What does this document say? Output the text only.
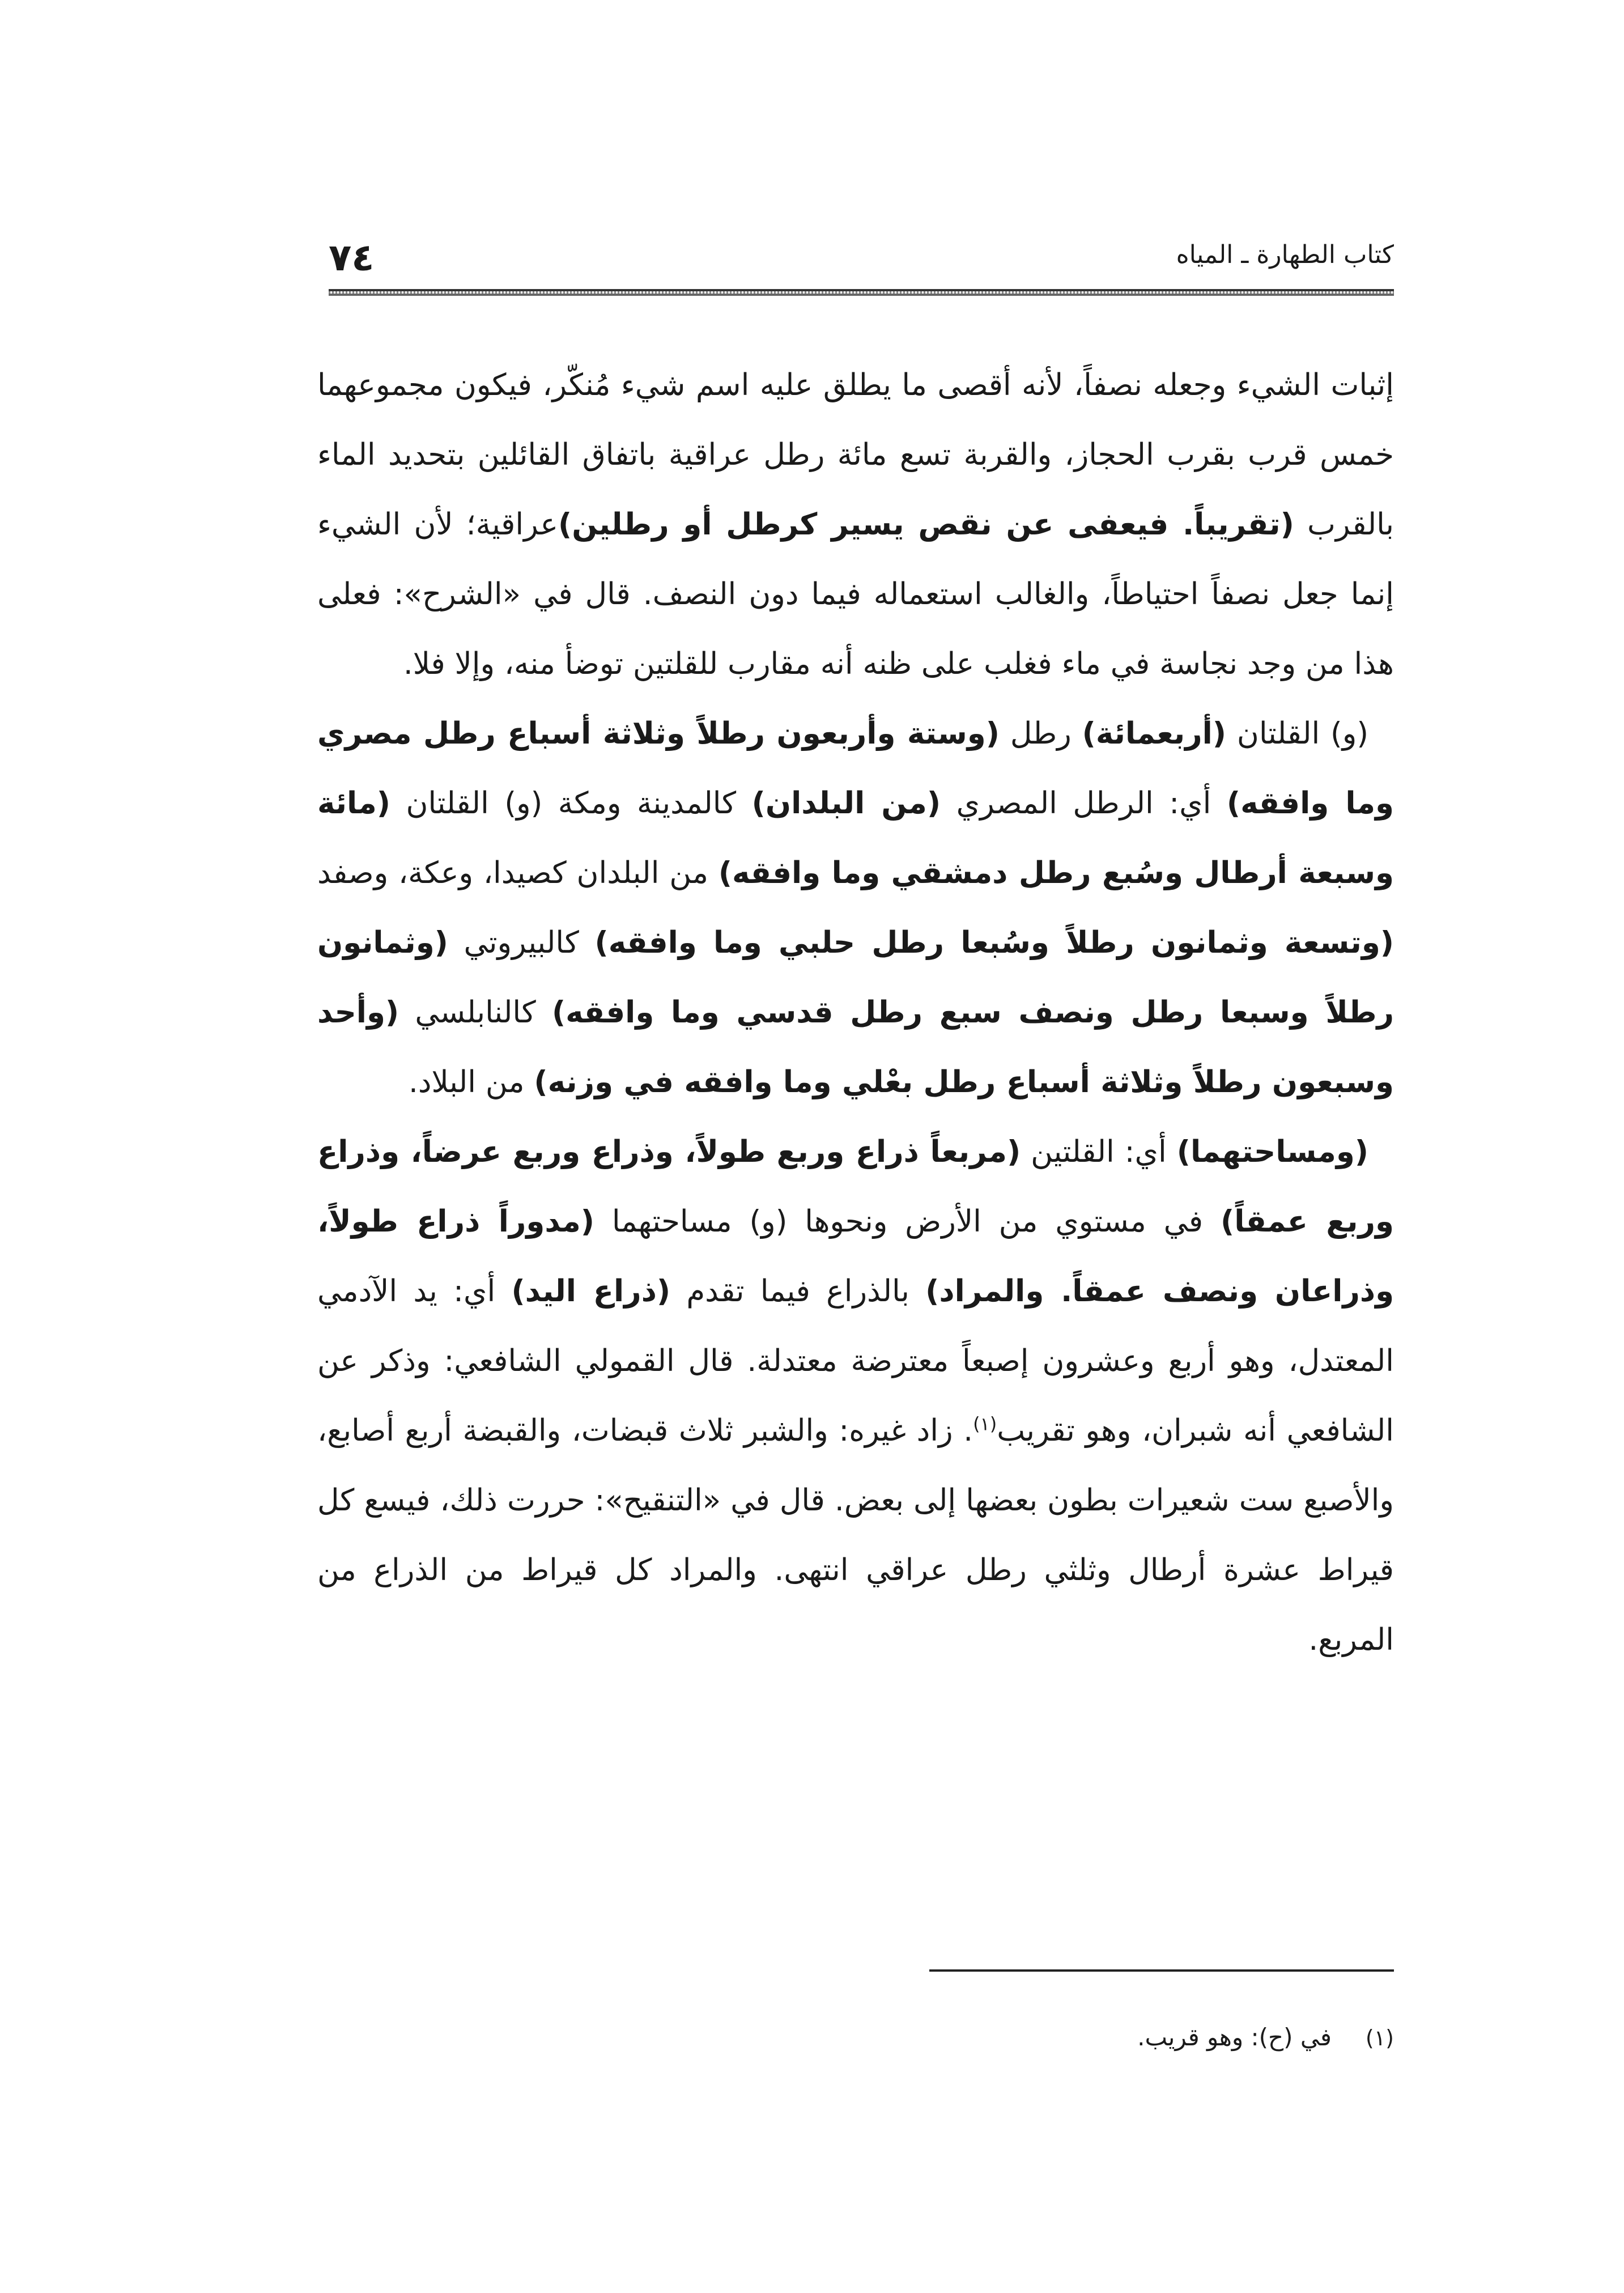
كتاب الطهارة ـ المياه
٧٤

إثبات الشيء وجعله نصفاً، لأنه أقصى ما يطلق عليه اسم شيء مُنكّر، فيكون مجموعهما خمس قرب بقرب الحجاز، والقربة تسع مائة رطل عراقية باتفاق القائلين بتحديد الماء بالقرب (تقريباً. فيعفى عن نقص يسير كرطل أو رطلين)عراقية؛ لأن الشيء إنما جعل نصفاً احتياطاً، والغالب استعماله فيما دون النصف. قال في «الشرح»: فعلى هذا من وجد نجاسة في ماء فغلب على ظنه أنه مقارب للقلتين توضأ منه، وإلا فلا.

(و) القلتان (أربعمائة) رطل (وستة وأربعون رطلاً وثلاثة أسباع رطل مصري وما وافقه) أي: الرطل المصري (من البلدان) كالمدينة ومكة (و) القلتان (مائة وسبعة أرطال وسُبع رطل دمشقي وما وافقه) من البلدان كصيدا، وعكة، وصفد (وتسعة وثمانون رطلاً وسُبعا رطل حلبي وما وافقه) كالبيروتي (وثمانون رطلاً وسبعا رطل ونصف سبع رطل قدسي وما وافقه) كالنابلسي (وأحد وسبعون رطلاً وثلاثة أسباع رطل بعْلي وما وافقه في وزنه) من البلاد.

(ومساحتهما) أي: القلتين (مربعاً ذراع وربع طولاً، وذراع وربع عرضاً، وذراع وربع عمقاً) في مستوي من الأرض ونحوها (و) مساحتهما (مدوراً ذراع طولاً، وذراعان ونصف عمقاً. والمراد) بالذراع فيما تقدم (ذراع اليد) أي: يد الآدمي المعتدل، وهو أربع وعشرون إصبعاً معترضة معتدلة. قال القمولي الشافعي: وذكر عن الشافعي أنه شبران، وهو تقريب$^{(١)}$. زاد غيره: والشبر ثلاث قبضات، والقبضة أربع أصابع، والأصبع ست شعيرات بطون بعضها إلى بعض. قال في «التنقيح»: حررت ذلك، فيسع كل قيراط عشرة أرطال وثلثي رطل عراقي انتهى. والمراد كل قيراط من الذراع من المربع.

(١)في (ح): وهو قريب.
